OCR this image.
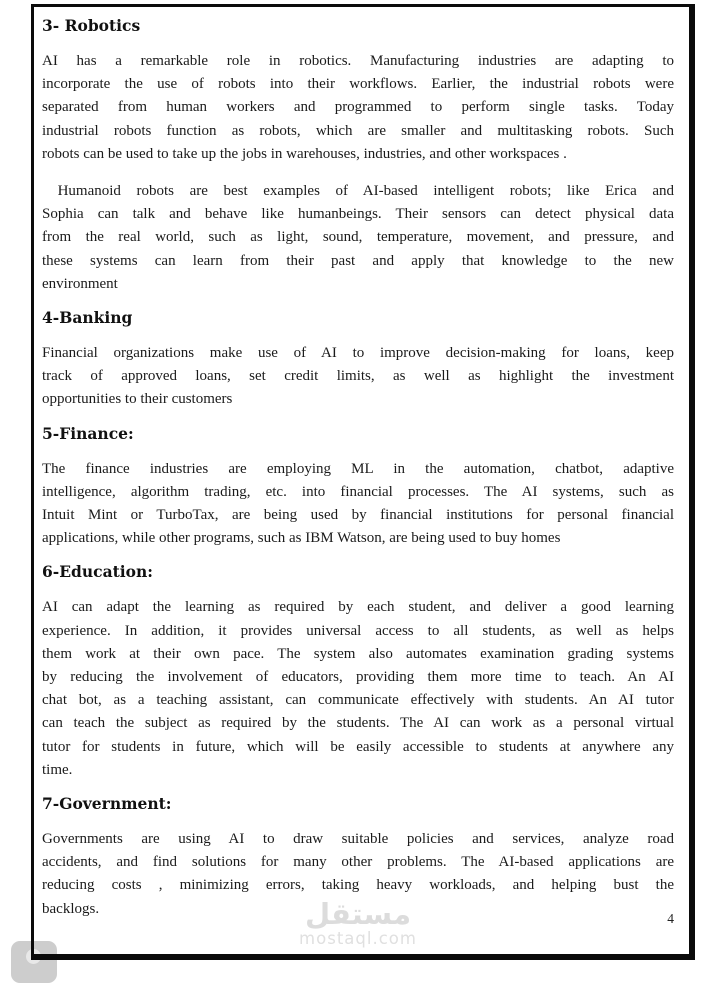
مستقل
mostaql.com
3- Robotics
AI has a remarkable role in robotics. Manufacturing industries are adapting to
incorporate the use of robots into their workflows. Earlier, the industrial robots were
separated from human workers and programmed to perform single tasks. Today
industrial robots function as robots, which are smaller and multitasking robots. Such
robots can be used to take up the jobs in warehouses, industries, and other workspaces .
Humanoid robots are best examples of AI-based intelligent robots; like Erica and
Sophia can talk and behave like humanbeings. Their sensors can detect physical data
from the real world, such as light, sound, temperature, movement, and pressure, and
these systems can learn from their past and apply that knowledge to the new
environment
4-Banking
Financial organizations make use of AI to improve decision-making for loans, keep
track of approved loans, set credit limits, as well as highlight the investment
opportunities to their customers
5-Finance:
The finance industries are employing ML in the automation, chatbot, adaptive
intelligence, algorithm trading, etc. into financial processes. The AI systems, such as
Intuit Mint or TurboTax, are being used by financial institutions for personal financial
applications, while other programs, such as IBM Watson, are being used to buy homes
6-Education:
AI can adapt the learning as required by each student, and deliver a good learning
experience. In addition, it provides universal access to all students, as well as helps
them work at their own pace. The system also automates examination grading systems
by reducing the involvement of educators, providing them more time to teach. An AI
chat bot, as a teaching assistant, can communicate effectively with students. An AI tutor
can teach the subject as required by the students. The AI can work as a personal virtual
tutor for students in future, which will be easily accessible to students at anywhere any
time.
7-Government:
Governments are using AI to draw suitable policies and services, analyze road
accidents, and find solutions for many other problems. The AI-based applications are
reducing costs , minimizing errors, taking heavy workloads, and helping bust the
backlogs.
4
